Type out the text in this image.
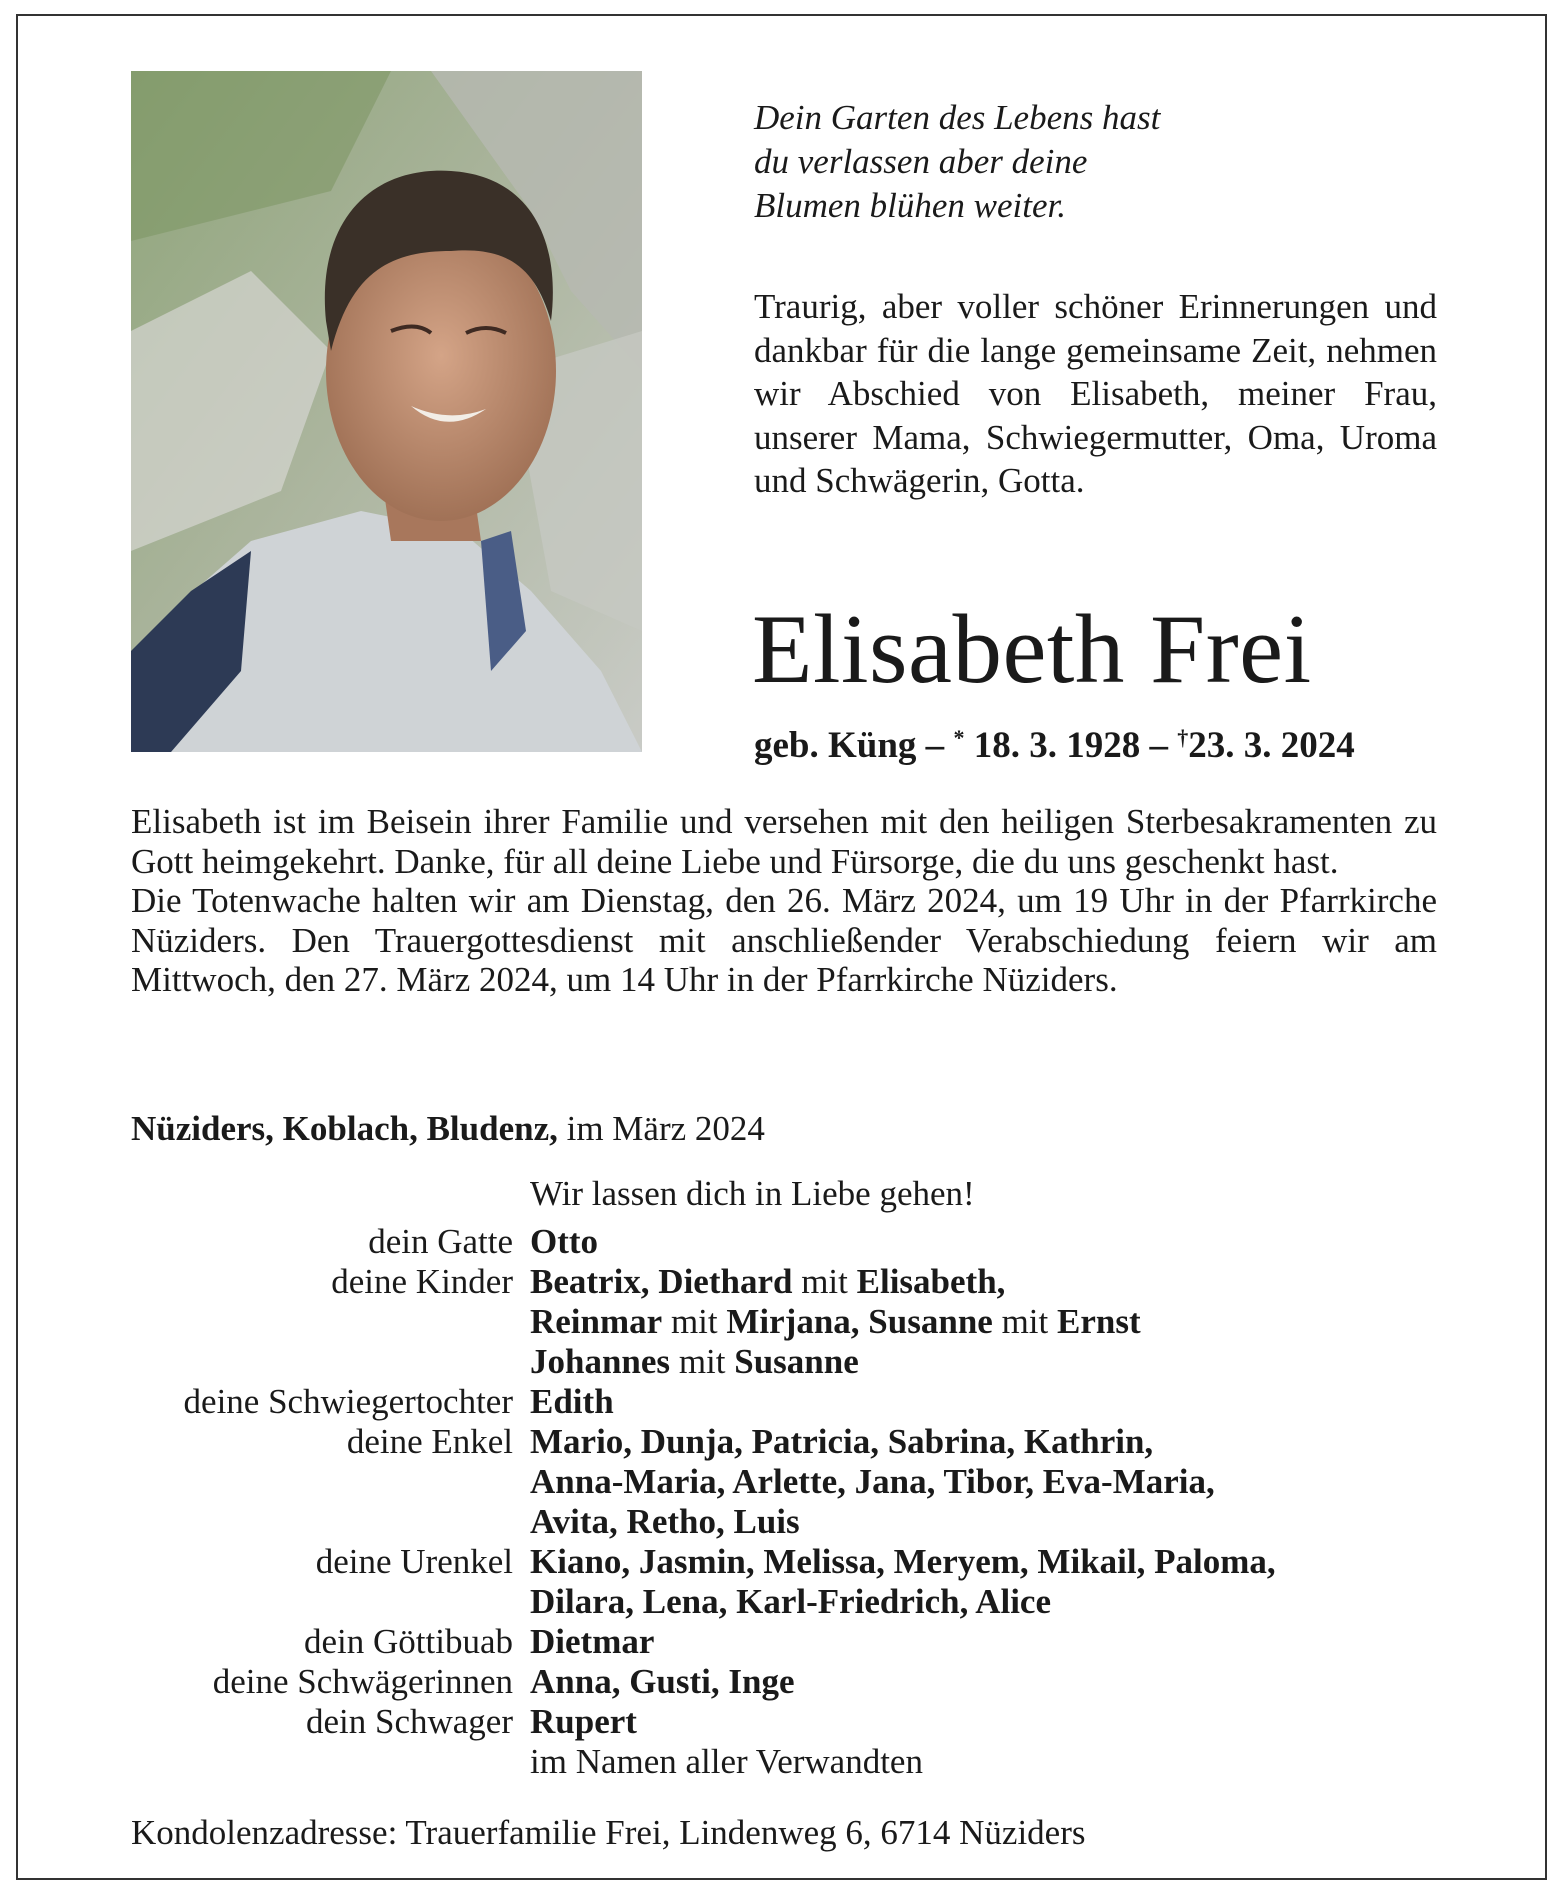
Dein Garten des Lebens hast
du verlassen aber deine
Blumen blühen weiter.
Traurig, aber voller schöner Erinnerungen und dankbar für die lange gemeinsame Zeit, nehmen wir Abschied von Elisabeth, meiner Frau, unserer Mama, Schwiegermutter, Oma, Uroma und Schwägerin, Gotta.
Elisabeth Frei
geb. Küng – * 18. 3. 1928 – †23. 3. 2024

Elisabeth ist im Beisein ihrer Familie und versehen mit den heiligen Sterbesakramenten zu Gott heimgekehrt. Danke, für all deine Liebe und Fürsorge, die du uns geschenkt hast.

Die Totenwache halten wir am Dienstag, den 26. März 2024, um 19 Uhr in der Pfarrkirche Nüziders. Den Trauergottesdienst mit anschließender Verabschiedung feiern wir am Mittwoch, den 27. März 2024, um 14 Uhr in der Pfarrkirche Nüziders.

Nüziders, Koblach, Bludenz, im März 2024
Wir lassen dich in Liebe gehen!
dein Gatte Otto
deine Kinder Beatrix, Diethard mit Elisabeth,
Reinmar mit Mirjana, Susanne mit Ernst
Johannes mit Susanne
deine Schwiegertochter Edith
deine Enkel Mario, Dunja, Patricia, Sabrina, Kathrin,
Anna-Maria, Arlette, Jana, Tibor, Eva-Maria,
Avita, Retho, Luis
deine Urenkel Kiano, Jasmin, Melissa, Meryem, Mikail, Paloma,
Dilara, Lena, Karl-Friedrich, Alice
dein Göttibuab Dietmar
deine Schwägerinnen Anna, Gusti, Inge
dein Schwager Rupert
im Namen aller Verwandten
Kondolenzadresse: Trauerfamilie Frei, Lindenweg 6, 6714 Nüziders
